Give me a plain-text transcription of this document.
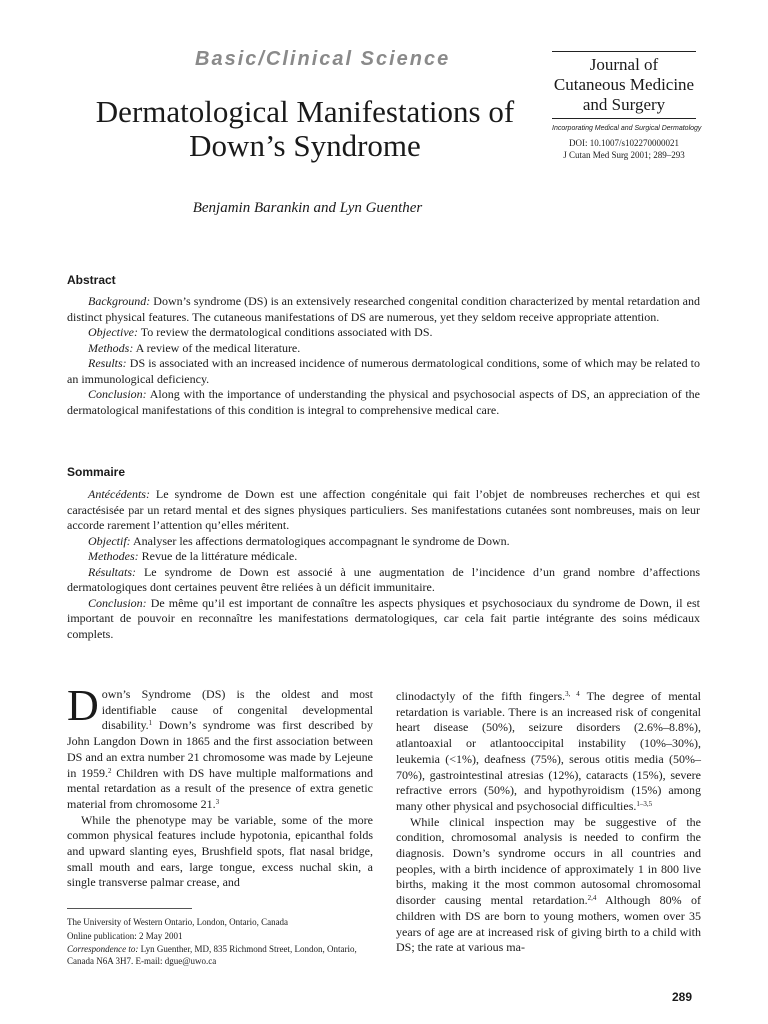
Basic/Clinical Science
Dermatological Manifestations of
Down’s Syndrome
Journal of
Cutaneous Medicine
and Surgery
Incorporating Medical and Surgical Dermatology
DOI: 10.1007/s102270000021
J Cutan Med Surg 2001; 289–293
Benjamin Barankin and Lyn Guenther
Abstract

Background: Down’s syndrome (DS) is an extensively researched congenital condition characterized by mental retardation and distinct physical features. The cutaneous manifestations of DS are numerous, yet they seldom receive appropriate attention.

Objective: To review the dermatological conditions associated with DS.

Methods: A review of the medical literature.

Results: DS is associated with an increased incidence of numerous dermatological conditions, some of which may be related to an immunological deficiency.

Conclusion: Along with the importance of understanding the physical and psychosocial aspects of DS, an appreciation of the dermatological manifestations of this condition is integral to comprehensive medical care.

Sommaire

Antécédents: Le syndrome de Down est une affection congénitale qui fait l’objet de nombreuses recherches et qui est caractésisée par un retard mental et des signes physiques particuliers. Ses manifestations cutanées sont nombreuses, mais on leur accorde rarement l’attention qu’elles méritent.

Objectif: Analyser les affections dermatologiques accompagnant le syndrome de Down.

Methodes: Revue de la littérature médicale.

Résultats: Le syndrome de Down est associé à une augmentation de l’incidence d’un grand nombre d’affections dermatologiques dont certaines peuvent être reliées à un déficit immunitaire.

Conclusion: De même qu’il est important de connaître les aspects physiques et psychosociaux du syndrome de Down, il est important de pouvoir en reconnaître les manifestations dermatologiques, car cela fait partie intégrante des soins médicaux complets.

Down’s Syndrome (DS) is the oldest and most identifiable cause of congenital developmental disability.$^1$ Down’s syndrome was first described by John Langdon Down in 1865 and the first association between DS and an extra number 21 chromosome was made by Lejeune in 1959.$^2$ Children with DS have multiple malformations and mental retardation as a result of the presence of extra genetic material from chromosome 21.$^3$

While the phenotype may be variable, some of the more common physical features include hypotonia, epicanthal folds and upward slanting eyes, Brushfield spots, flat nasal bridge, small mouth and ears, large tongue, excess nuchal skin, a single transverse palmar crease, and

clinodactyly of the fifth fingers.$^{3, 4}$ The degree of mental retardation is variable. There is an increased risk of congenital heart disease (50%), seizure disorders (2.6%–8.8%), atlantoaxial or atlantooccipital instability (10%–30%), leukemia (<1%), deafness (75%), serous otitis media (50%–70%), gastrointestinal atresias (12%), cataracts (15%), severe refractive errors (50%), and hypothyroidism (15%) among many other physical and psychosocial difficulties.$^{1-3,5}$

While clinical inspection may be suggestive of the condition, chromosomal analysis is needed to confirm the diagnosis. Down’s syndrome occurs in all countries and peoples, with a birth incidence of approximately 1 in 800 live births, making it the most common autosomal chromosomal disorder causing mental retardation.$^{2,4}$ Although 80% of children with DS are born to young mothers, women over 35 years of age are at increased risk of giving birth to a child with DS; the rate at various ma-

The University of Western Ontario, London, Ontario, Canada
Online publication: 2 May 2001
Correspondence to: Lyn Guenther, MD, 835 Richmond Street, London, Ontario, Canada N6A 3H7. E-mail: dgue@uwo.ca
289
